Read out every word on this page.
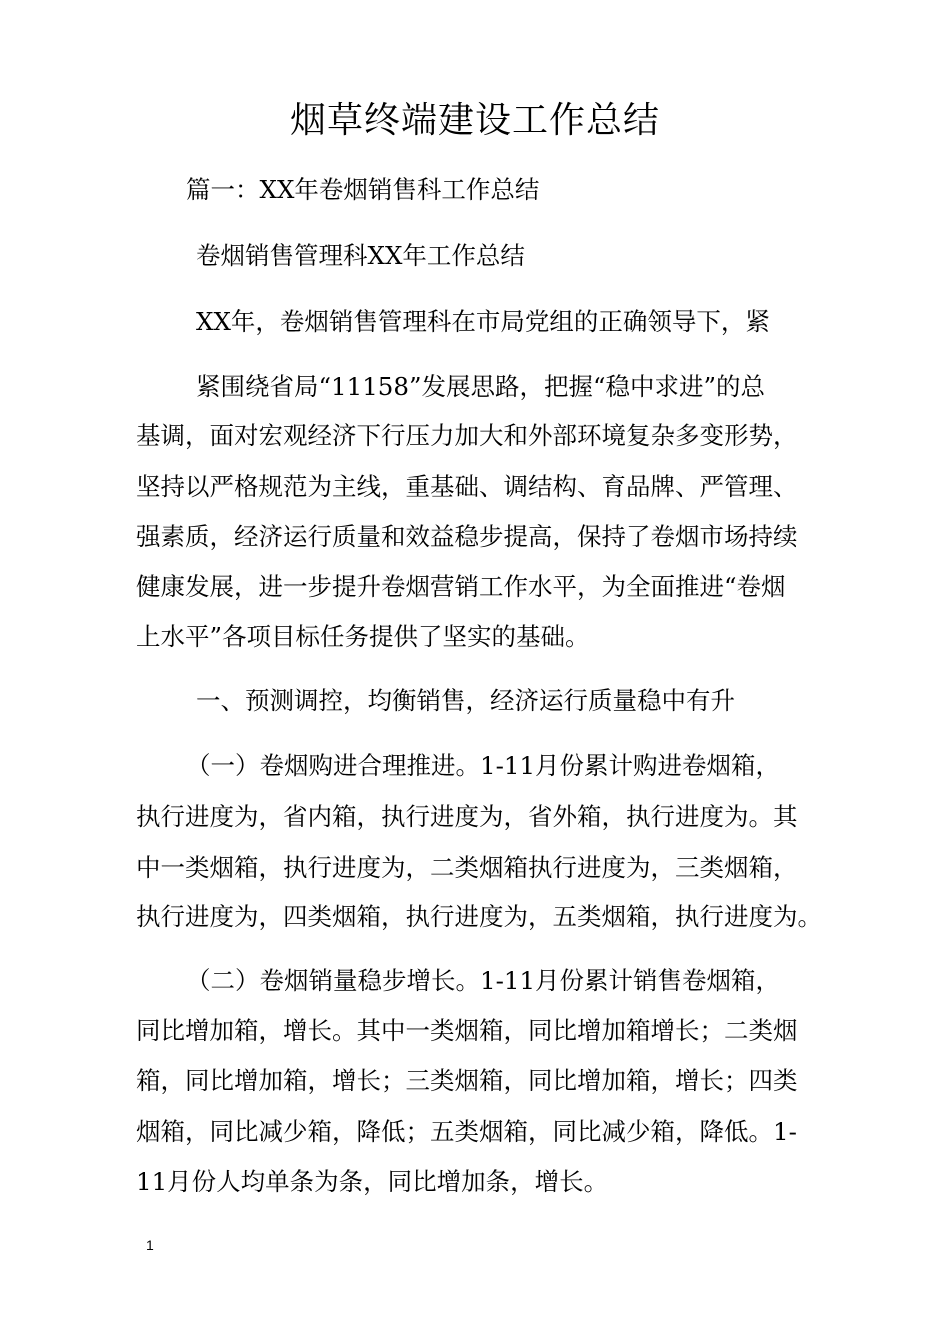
烟草终端建设工作总结

篇一：XX年卷烟销售科工作总结

卷烟销售管理科XX年工作总结

XX年，卷烟销售管理科在市局党组的正确领导下，紧

紧围绕省局“11158”发展思路，把握“稳中求进”的总

基调，面对宏观经济下行压力加大和外部环境复杂多变形势，

坚持以严格规范为主线，重基础、调结构、育品牌、严管理、

强素质，经济运行质量和效益稳步提高，保持了卷烟市场持续

健康发展，进一步提升卷烟营销工作水平，为全面推进“卷烟

上水平”各项目标任务提供了坚实的基础。

一、预测调控，均衡销售，经济运行质量稳中有升

（一）卷烟购进合理推进。1-11月份累计购进卷烟箱，

执行进度为，省内箱，执行进度为，省外箱，执行进度为。其

中一类烟箱，执行进度为，二类烟箱执行进度为，三类烟箱，

执行进度为，四类烟箱，执行进度为，五类烟箱，执行进度为。

（二）卷烟销量稳步增长。1-11月份累计销售卷烟箱，

同比增加箱，增长。其中一类烟箱，同比增加箱增长；二类烟

箱，同比增加箱，增长；三类烟箱，同比增加箱，增长；四类

烟箱，同比减少箱，降低；五类烟箱，同比减少箱，降低。1-

11月份人均单条为条，同比增加条，增长。

1
